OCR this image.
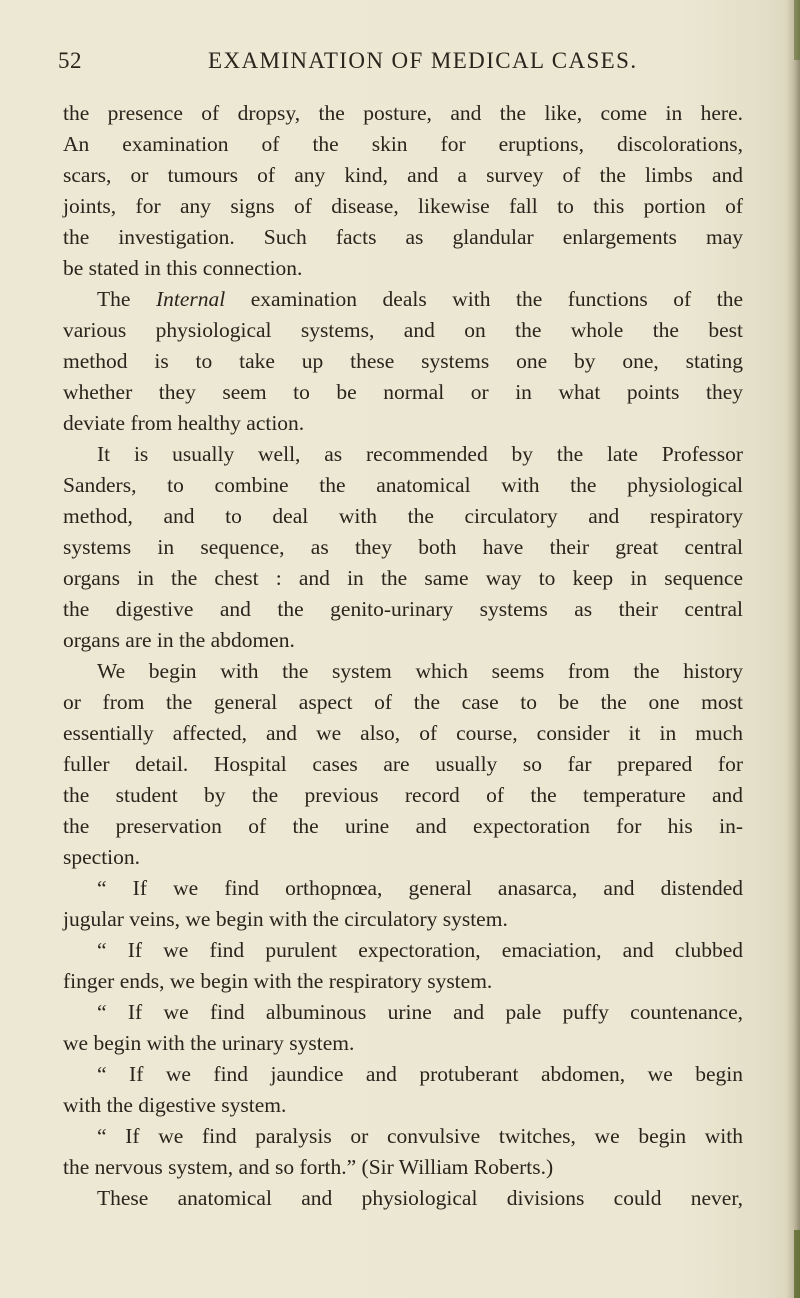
52	EXAMINATION OF MEDICAL CASES.
the presence of dropsy, the posture, and the like, come in here.
An examination of the skin for eruptions, discolorations,
scars, or tumours of any kind, and a survey of the limbs and
joints, for any signs of disease, likewise fall to this portion of
the investigation. Such facts as glandular enlargements may
be stated in this connection.
The Internal examination deals with the functions of the
various physiological systems, and on the whole the best
method is to take up these systems one by one, stating
whether they seem to be normal or in what points they
deviate from healthy action.
It is usually well, as recommended by the late Professor
Sanders, to combine the anatomical with the physiological
method, and to deal with the circulatory and respiratory
systems in sequence, as they both have their great central
organs in the chest : and in the same way to keep in sequence
the digestive and the genito-urinary systems as their central
organs are in the abdomen.
We begin with the system which seems from the history
or from the general aspect of the case to be the one most
essentially affected, and we also, of course, consider it in much
fuller detail. Hospital cases are usually so far prepared for
the student by the previous record of the temperature and
the preservation of the urine and expectoration for his in-
spection.
“ If we find orthopnœa, general anasarca, and distended
jugular veins, we begin with the circulatory system.
“ If we find purulent expectoration, emaciation, and clubbed
finger ends, we begin with the respiratory system.
“ If we find albuminous urine and pale puffy countenance,
we begin with the urinary system.
“ If we find jaundice and protuberant abdomen, we begin
with the digestive system.
“ If we find paralysis or convulsive twitches, we begin with
the nervous system, and so forth.” (Sir William Roberts.)
These anatomical and physiological divisions could never,
